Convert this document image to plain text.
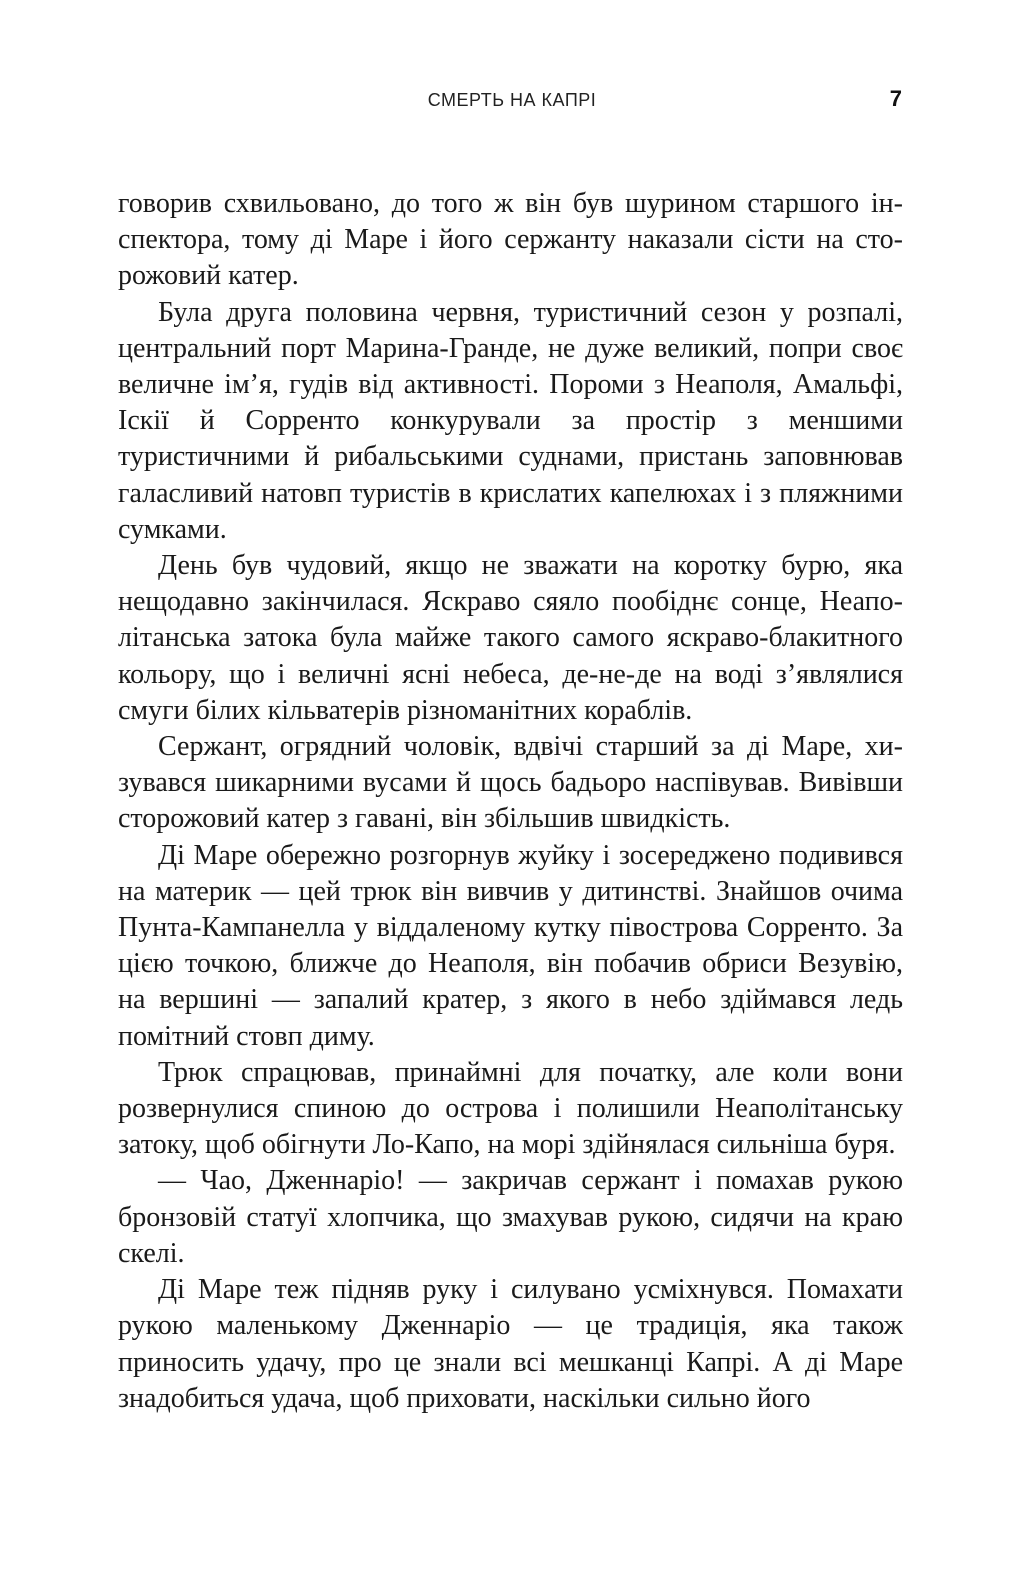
СМЕРТЬ НА КАПРІ	7

говорив схвильовано, до того ж він був шурином старшого інспектора, тому ді Маре і його сержанту наказали сісти на сторожовий катер.

Була друга половина червня, туристичний сезон у розпалі, центральний порт Марина-Гранде, не дуже великий, попри своє величне ім’я, гудів від активності. Пороми з Неаполя, Амальфі, Іскії й Сорренто конкурували за простір з меншими туристичними й рибальськими суднами, пристань заповнював галасливий натовп туристів в крислатих капелюхах і з пляжними сумками.

День був чудовий, якщо не зважати на коротку бурю, яка нещодавно закінчилася. Яскраво сяяло пообіднє сонце, Неаполітанська затока була майже такого самого яскраво-блакитного кольору, що і величні ясні небеса, де-не-де на воді з’являлися смуги білих кільватерів різноманітних кораблів.

Сержант, огрядний чоловік, вдвічі старший за ді Маре, хизувався шикарними вусами й щось бадьоро наспівував. Вивівши сторожовий катер з гавані, він збільшив швидкість.

Ді Маре обережно розгорнув жуйку і зосереджено подивився на материк — цей трюк він вивчив у дитинстві. Знайшов очима Пунта-Кампанелла у віддаленому кутку півострова Сорренто. За цією точкою, ближче до Неаполя, він побачив обриси Везувію, на вершині — запалий кратер, з якого в небо здіймався ледь помітний стовп диму.

Трюк спрацював, принаймні для початку, але коли вони розвернулися спиною до острова і полишили Неаполітанську затоку, щоб обігнути Ло-Капо, на морі здійнялася сильніша буря.

— Чао, Дженнаріо! — закричав сержант і помахав рукою бронзовій статуї хлопчика, що змахував рукою, сидячи на краю скелі.

Ді Маре теж підняв руку і силувано усміхнувся. Помахати рукою маленькому Дженнаріо — це традиція, яка також приносить удачу, про це знали всі мешканці Капрі. А ді Маре знадобиться удача, щоб приховати, наскільки сильно його
